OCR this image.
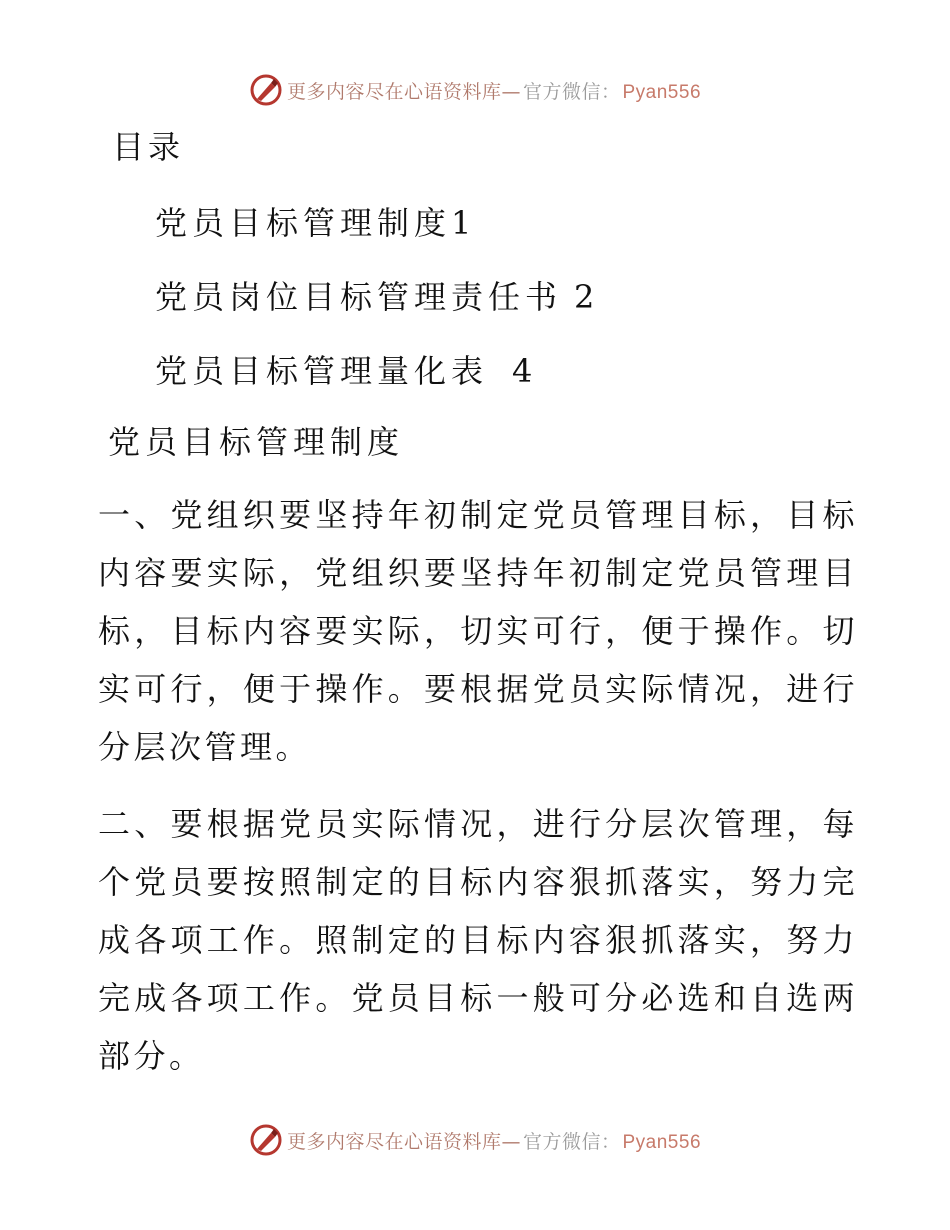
更多内容尽在心语资料库— 官方微信： Pyan556
目录

党员目标管理制度1

党员岗位目标管理责任书 2

党员目标管理量化表 4

党员目标管理制度

一、党组织要坚持年初制定党员管理目标，目标内容要实际，党组织要坚持年初制定党员管理目标，目标内容要实际，切实可行，便于操作。切实可行，便于操作。要根据党员实际情况，进行分层次管理。

二、要根据党员实际情况，进行分层次管理，每个党员要按照制定的目标内容狠抓落实，努力完成各项工作。照制定的目标内容狠抓落实，努力完成各项工作。党员目标一般可分必选和自选两部分。

更多内容尽在心语资料库— 官方微信： Pyan556
